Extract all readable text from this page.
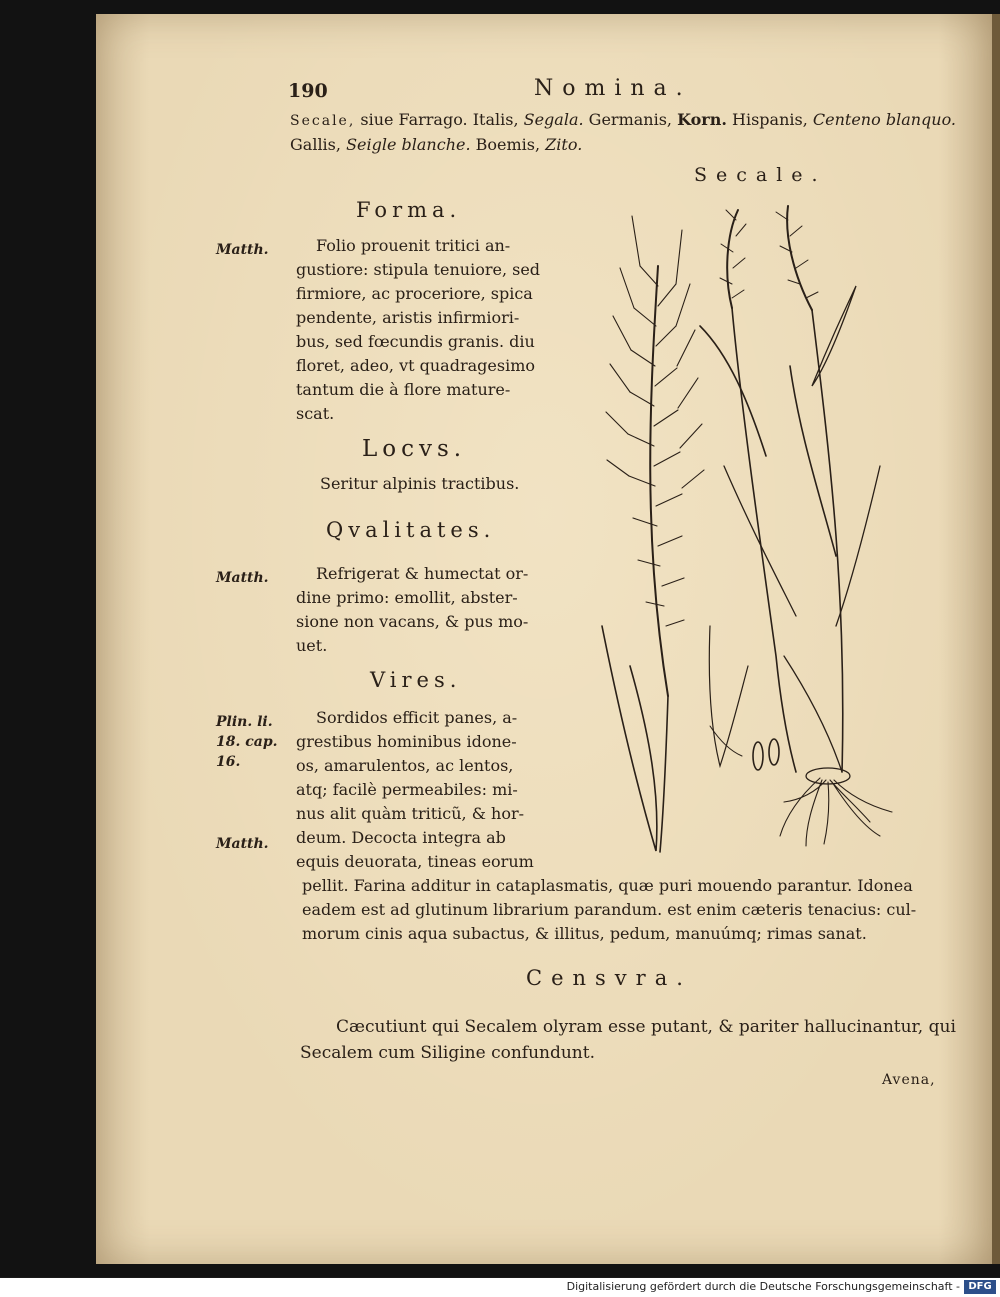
190	Nomina.
Secale, siue Farrago. Italis, Segala. Germanis, Korn. Hispanis, Centeno blanquo. Gallis, Seigle blanche. Boemis, Zito.
Secale.
Forma.
Matth.	Folio prouenit tritici an-
gustiore: stipula tenuiore, sed
firmiore, ac proceriore, spica
pendente, aristis infirmiori-
bus, sed fœcundis granis. diu
floret, adeo, vt quadragesimo
tantum die à flore mature-
scat.
Locvs.
Seritur alpinis tractibus.
Qvalitates.
Matth.	Refrigerat & humectat or-
dine primo: emollit, abster-
sione non vacans, & pus mo-
uet.
Vires.
Plin. li. 18. cap. 16.
Matth.
Sordidos efficit panes, a-
grestibus hominibus idone-
os, amarulentos, ac lentos,
atq; facilè permeabiles: mi-
nus alit quàm triticũ, & hor-
deum. Decocta integra ab
equis deuorata, tineas eorum
pellit. Farina additur in cataplasmatis, quæ puri mouendo parantur. Idonea
eadem est ad glutinum librarium parandum. est enim cæteris tenacius: cul-
morum cinis aqua subactus, & illitus, pedum, manuúmq; rimas sanat.
Censvra.
Cæcutiunt qui Secalem olyram esse putant, & pariter hallucinantur, qui
Secalem cum Siligine confundunt.
Avena,
Digitalisierung gefördert durch die Deutsche Forschungsgemeinschaft - DFG
